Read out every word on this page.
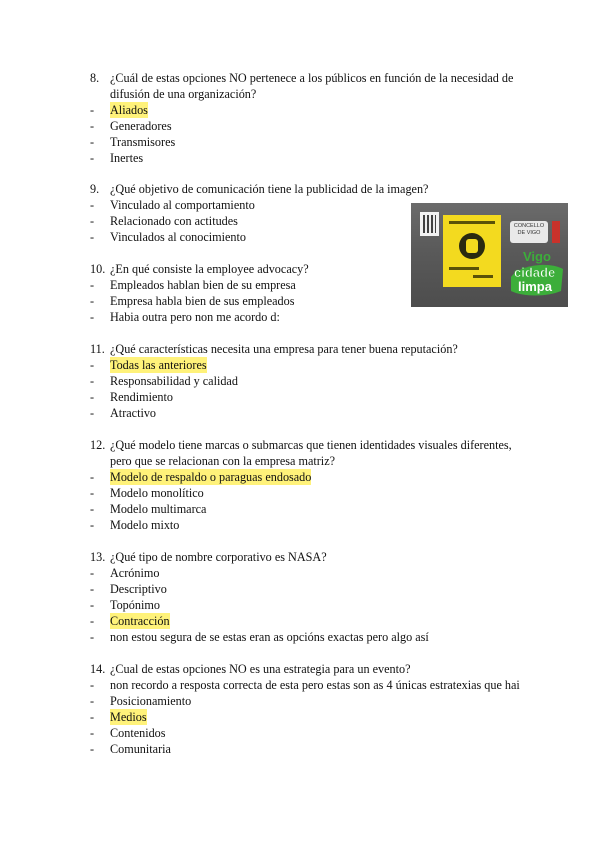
8. ¿Cuál de estas opciones NO pertenece a los públicos en función de la necesidad de
difusión de una organización?
-	Aliados
-	Generadores
-	Transmisores
-	Inertes
9. ¿Qué objetivo de comunicación tiene la publicidad de la imagen?
-	Vinculado al comportamiento
-	Relacionado con actitudes
-	Vinculados al conocimiento
10. ¿En qué consiste la employee advocacy?
-	Empleados hablan bien de su empresa
-	Empresa habla bien de sus empleados
-	Habia outra pero non me acordo d:
11. ¿Qué características necesita una empresa para tener buena reputación?
-	Todas las anteriores
-	Responsabilidad y calidad
-	Rendimiento
-	Atractivo
12. ¿Qué modelo tiene marcas o submarcas que tienen identidades visuales diferentes,
pero que se relacionan con la empresa matriz?
-	Modelo de respaldo o paraguas endosado
-	Modelo monolítico
-	Modelo multimarca
-	Modelo mixto
13. ¿Qué tipo de nombre corporativo es NASA?
-	Acrónimo
-	Descriptivo
-	Topónimo
-	Contracción
-	non estou segura de se estas eran as opcións exactas pero algo así
14. ¿Cual de estas opciones NO es una estrategia para un evento?
-	non recordo a resposta correcta de esta pero estas son as 4 únicas estratexias que hai
-	Posicionamiento
-	Medios
-	Contenidos
-	Comunitaria
CONCELLO DE VIGO
Vigo
cidade
limpa
